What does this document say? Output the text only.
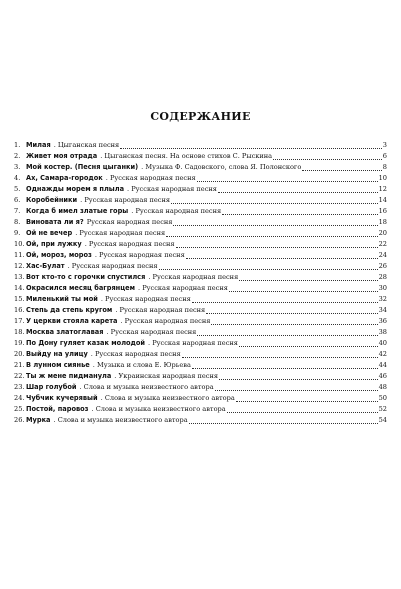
СОДЕРЖАНИЕ
1. Милая . Цыганская песня	3
2. Живет моя отрада . Цыганская песня. На основе стихов С. Рыскина	6
3. Мой костер. (Песня цыганки) . Музыка Ф. Садовского, слова Я. Полонского	8
4. Ах, Самара-городок . Русская народная песня	10
5. Однажды морем я плыла . Русская народная песня	12
6. Коробейники . Русская народная песня	14
7. Когда б имел златые горы . Русская народная песня	16
8. Виновата ли я? Русская народная песня	18
9. Ой не вечер . Русская народная песня	20
10. Ой, при лужку . Русская народная песня	22
11. Ой, мороз, мороз . Русская народная песня	24
12. Хас-Булат . Русская народная песня	26
13. Вот кто-то с горочки спустился . Русская народная песня	28
14. Окрасился месяц багрянцем . Русская народная песня	30
15. Миленький ты мой . Русская народная песня	32
16. Степь да степь кругом . Русская народная песня	34
17. У церкви стояла карета . Русская народная песня	36
18. Москва златоглавая . Русская народная песня	38
19. По Дону гуляет казак молодой . Русская народная песня	40
20. Выйду на улицу . Русская народная песня	42
21. В лунном сиянье . Музыка и слова Е. Юрьева	44
22. Ты ж мене пидманула . Украинская народная песня	46
23. Шар голубой . Слова и музыка неизвестного автора	48
24. Чубчик кучерявый . Слова и музыка неизвестного автора	50
25. Постой, паровоз . Слова и музыка неизвестного автора	52
26. Мурка . Слова и музыка неизвестного автора	54
